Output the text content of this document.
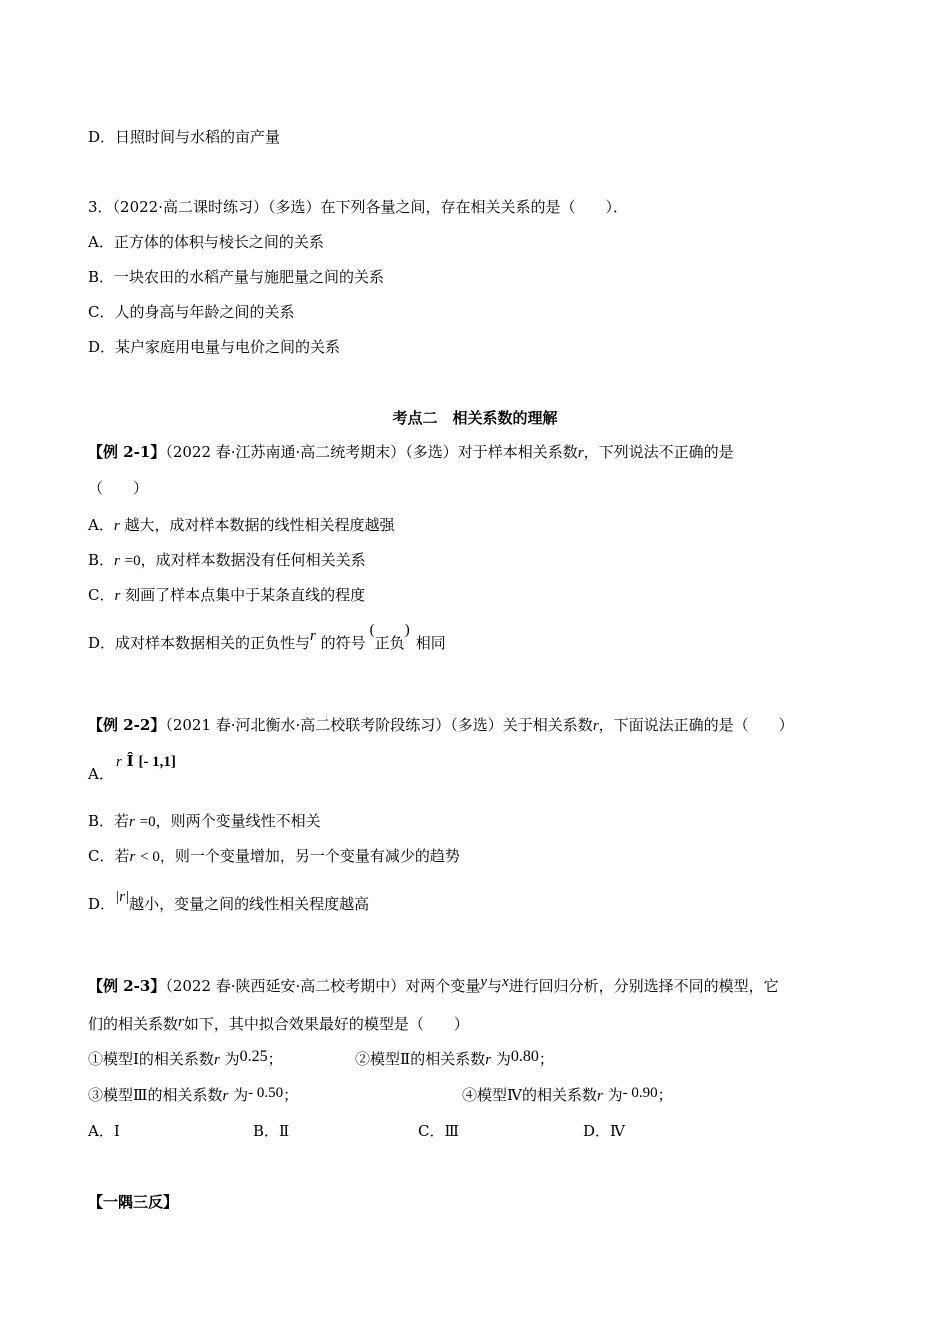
D．日照时间与水稻的亩产量
3．（2022·高二课时练习）（多选）在下列各量之间，存在相关关系的是（　　）．
A．正方体的体积与棱长之间的关系
B．一块农田的水稻产量与施肥量之间的关系
C．人的身高与年龄之间的关系
D．某户家庭用电量与电价之间的关系
考点二　相关系数的理解
【例 2-1】（2022 春·江苏南通·高二统考期末）（多选）对于样本相关系数r，下列说法不正确的是
（　　）
A．r 越大，成对样本数据的线性相关程度越强
B．r =0，成对样本数据没有任何相关关系
C．r 刻画了样本点集中于某条直线的程度
D．成对样本数据相关的正负性与r 的符号(正负)相同
【例 2-2】（2021 春·河北衡水·高二校联考阶段练习）（多选）关于相关系数r，下面说法正确的是（　　）
r Î [- 1,1]
A．
B．若r =0，则两个变量线性不相关
C．若r < 0，则一个变量增加，另一个变量有减少的趋势
D．|r|越小，变量之间的线性相关程度越高
【例 2-3】（2022 春·陕西延安·高二校考期中）对两个变量y与x进行回归分析，分别选择不同的模型，它
们的相关系数r如下，其中拟合效果最好的模型是（　　）
①模型Ⅰ的相关系数r 为0.25；	②模型Ⅱ的相关系数r 为0.80；
③模型Ⅲ的相关系数r 为- 0.50；	④模型Ⅳ的相关系数r 为- 0.90；
A．Ⅰ	B．Ⅱ	C．Ⅲ	D．Ⅳ
【一隅三反】
